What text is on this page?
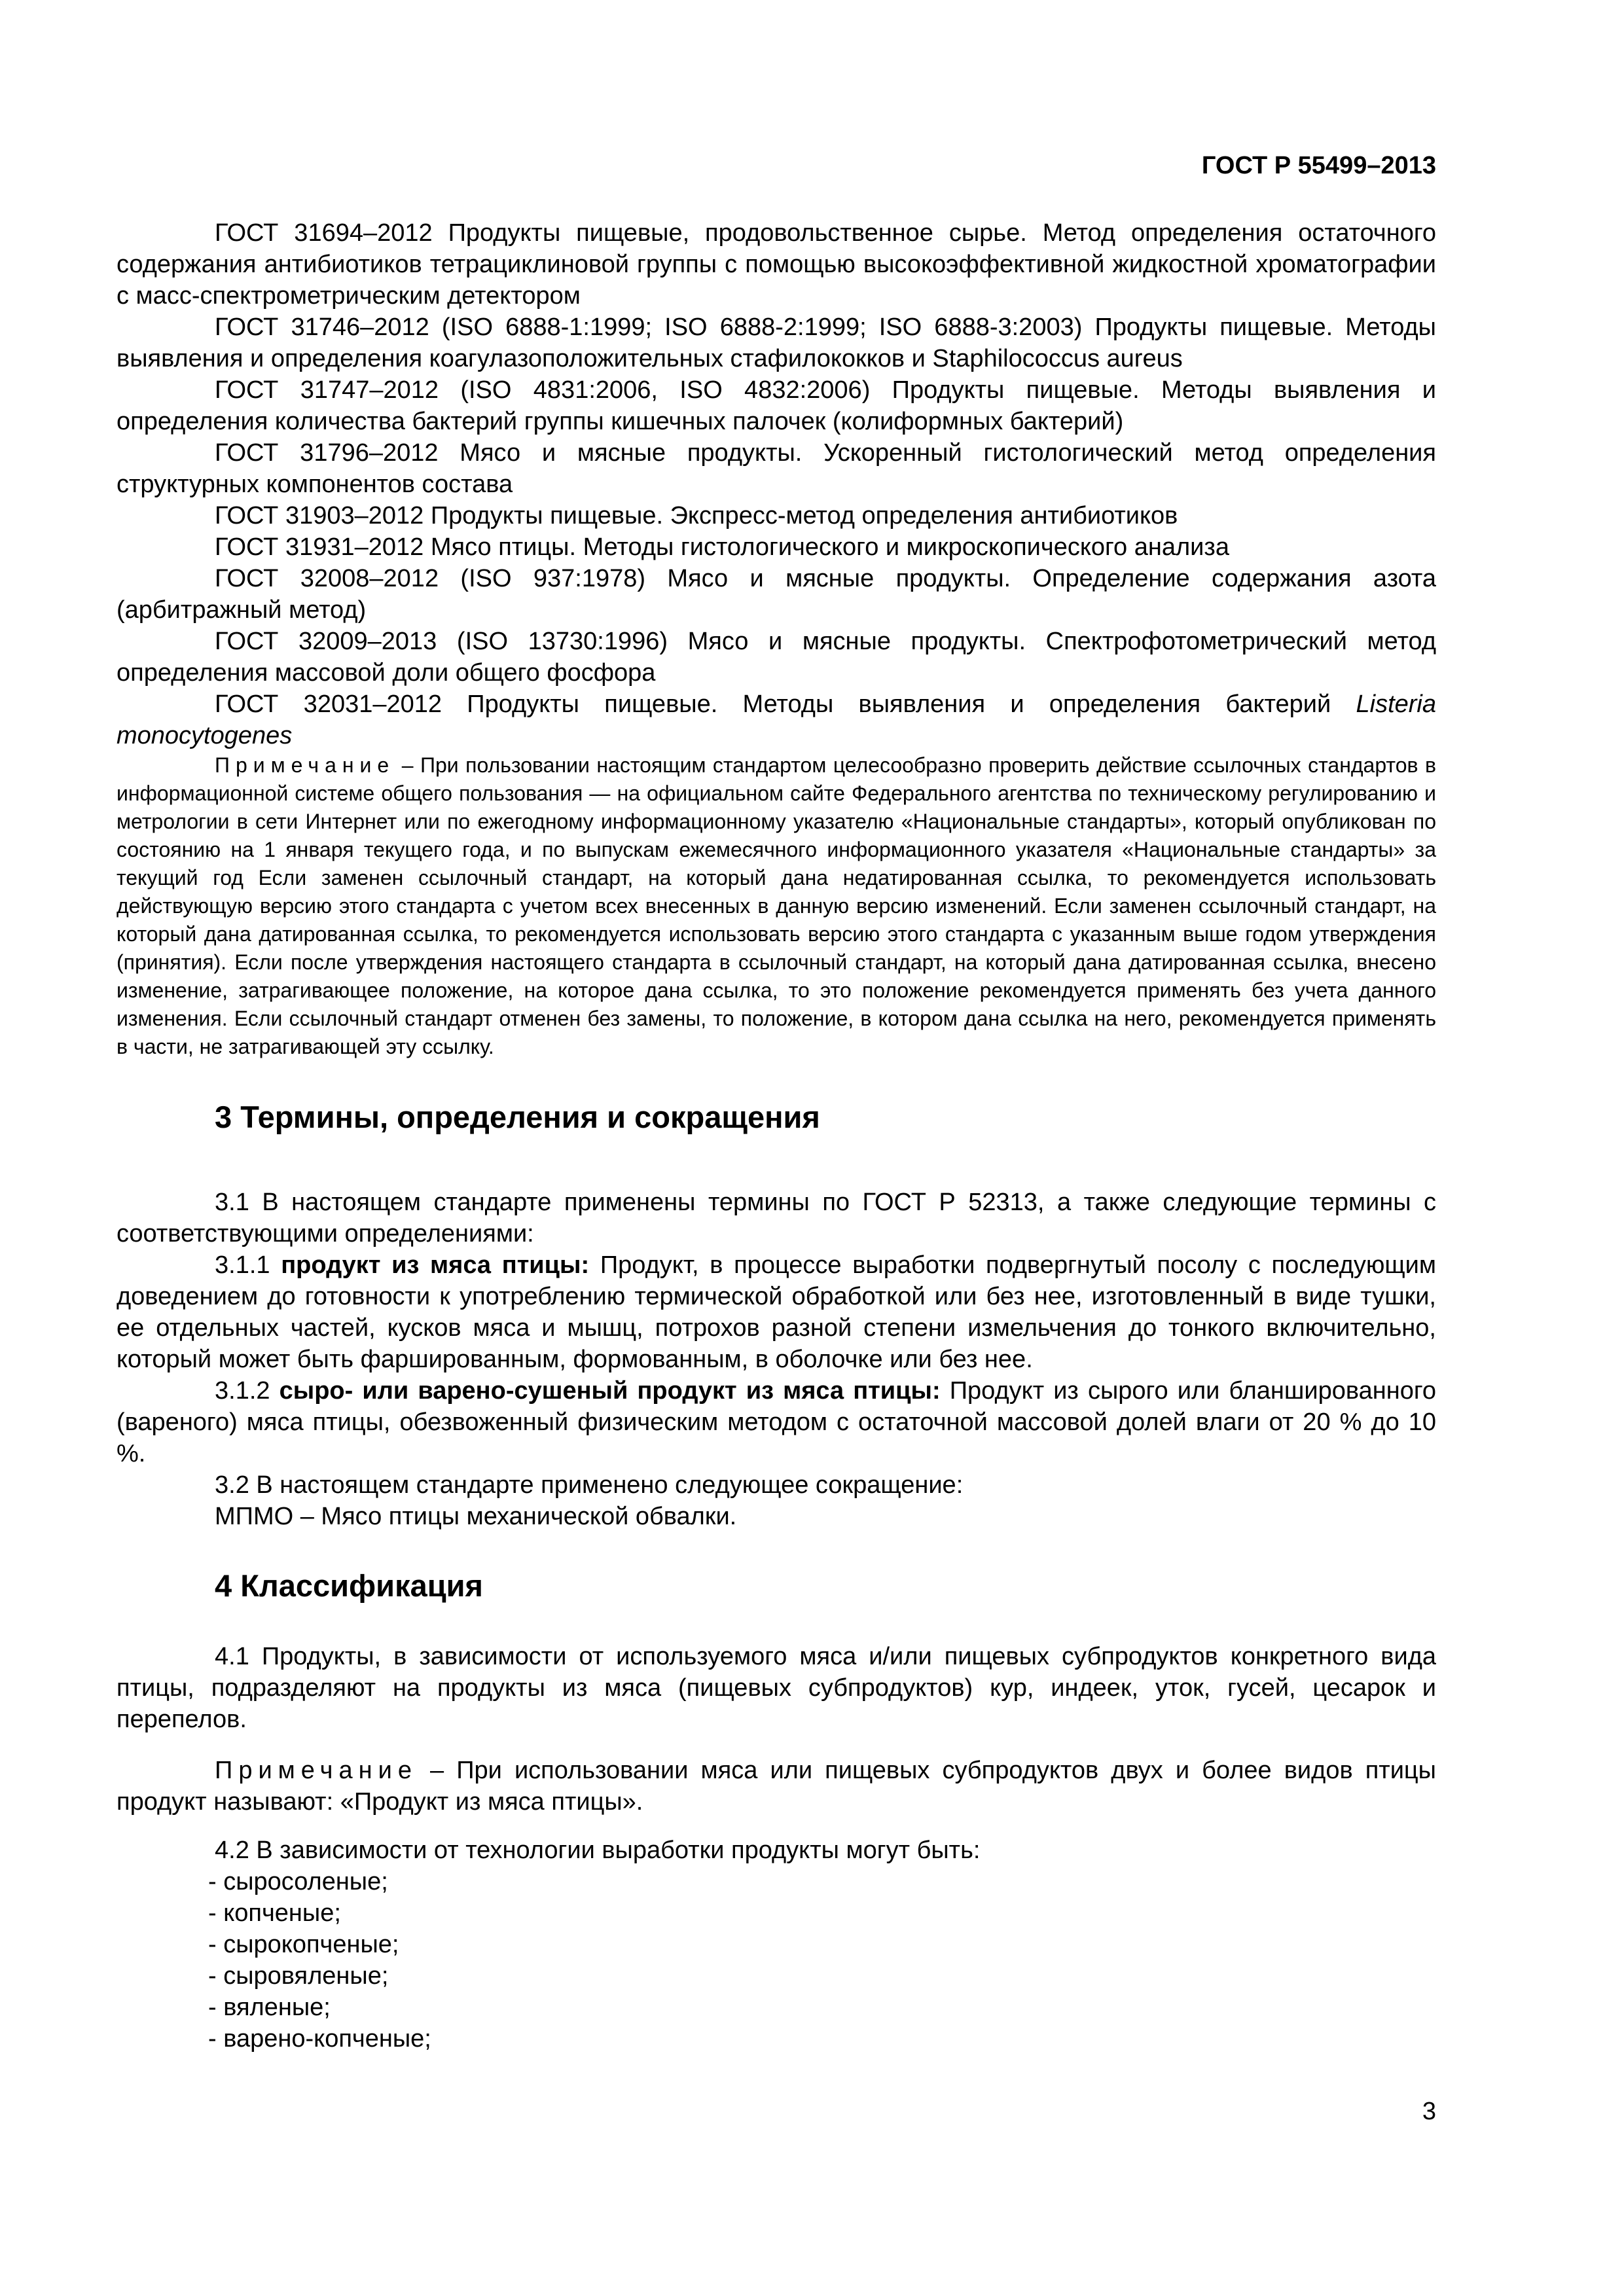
ГОСТ Р 55499–2013

ГОСТ 31694–2012 Продукты пищевые, продовольственное сырье. Метод определения остаточного содержания антибиотиков тетрациклиновой группы с помощью высокоэффективной жидкостной хроматографии с масс-спектрометрическим детектором

ГОСТ 31746–2012 (ISO 6888-1:1999; ISO 6888-2:1999; ISO 6888-3:2003) Продукты пищевые. Методы выявления и определения коагулазоположительных стафилококков и Staphilococcus aureus

ГОСТ 31747–2012 (ISO 4831:2006, ISO 4832:2006) Продукты пищевые. Методы выявления и определения количества бактерий группы кишечных палочек (колиформных бактерий)

ГОСТ 31796–2012 Мясо и мясные продукты. Ускоренный гистологический метод определения структурных компонентов состава

ГОСТ 31903–2012 Продукты пищевые. Экспресс-метод определения антибиотиков

ГОСТ 31931–2012 Мясо птицы. Методы гистологического и микроскопического анализа

ГОСТ 32008–2012 (ISO 937:1978) Мясо и мясные продукты. Определение содержания азота (арбитражный метод)

ГОСТ 32009–2013 (ISO 13730:1996) Мясо и мясные продукты. Спектрофотометрический метод определения массовой доли общего фосфора

ГОСТ 32031–2012 Продукты пищевые. Методы выявления и определения бактерий Listeria monocytogenes

Примечание – При пользовании настоящим стандартом целесообразно проверить действие ссылочных стандартов в информационной системе общего пользования — на официальном сайте Федерального агентства по техническому регулированию и метрологии в сети Интернет или по ежегодному информационному указателю «Национальные стандарты», который опубликован по состоянию на 1 января текущего года, и по выпускам ежемесячного информационного указателя «Национальные стандарты» за текущий год Если заменен ссылочный стандарт, на который дана недатированная ссылка, то рекомендуется использовать действующую версию этого стандарта с учетом всех внесенных в данную версию изменений. Если заменен ссылочный стандарт, на который дана датированная ссылка, то рекомендуется использовать версию этого стандарта с указанным выше годом утверждения (принятия). Если после утверждения настоящего стандарта в ссылочный стандарт, на который дана датированная ссылка, внесено изменение, затрагивающее положение, на которое дана ссылка, то это положение рекомендуется применять без учета данного изменения. Если ссылочный стандарт отменен без замены, то положение, в котором дана ссылка на него, рекомендуется применять в части, не затрагивающей эту ссылку.

3 Термины, определения и сокращения

3.1 В настоящем стандарте применены термины по ГОСТ Р 52313, а также следующие термины с соответствующими определениями:

3.1.1 продукт из мяса птицы: Продукт, в процессе выработки подвергнутый посолу с последующим доведением до готовности к употреблению термической обработкой или без нее, изготовленный в виде тушки, ее отдельных частей, кусков мяса и мышц, потрохов разной степени измельчения до тонкого включительно, который может быть фаршированным, формованным, в оболочке или без нее.

3.1.2 сыро- или варено-сушеный продукт из мяса птицы: Продукт из сырого или бланшированного (вареного) мяса птицы, обезвоженный физическим методом с остаточной массовой долей влаги от 20 % до 10 %.

3.2 В настоящем стандарте применено следующее сокращение:

МПМО – Мясо птицы механической обвалки.

4 Классификация

4.1 Продукты, в зависимости от используемого мяса и/или пищевых субпродуктов конкретного вида птицы, подразделяют на продукты из мяса (пищевых субпродуктов) кур, индеек, уток, гусей, цесарок и перепелов.

Примечание – При использовании мяса или пищевых субпродуктов двух и более видов птицы продукт называют: «Продукт из мяса птицы».

4.2 В зависимости от технологии выработки продукты могут быть:

- сыросоленые;
- копченые;
- сырокопченые;
- сыровяленые;
- вяленые;
- варено-копченые;
3
